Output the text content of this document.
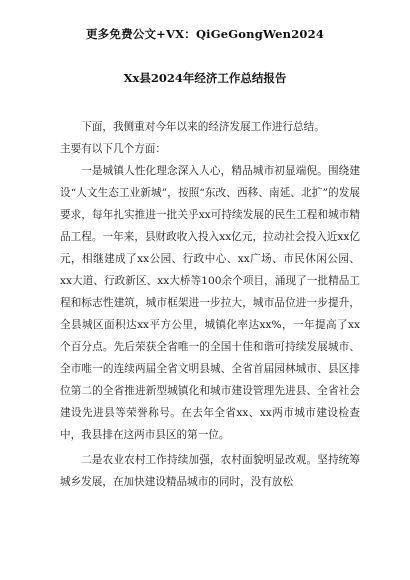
更多免费公文+VX：QiGeGongWen2024
Xx县2024年经济工作总结报告

下面，我侧重对今年以来的经济发展工作进行总结。

主要有以下几个方面：

一是城镇人性化理念深入人心，精品城市初显端倪。围绕建设“人文生态工业新城”，按照“东改、西移、南延、北扩”的发展要求，每年扎实推进一批关乎xx可持续发展的民生工程和城市精品工程。一年来，县财政收入投入xx亿元，拉动社会投入近xx亿元，相继建成了xx公园、行政中心、xx广场、市民休闲公园、xx大道、行政新区、xx大桥等100余个项目，涌现了一批精品工程和标志性建筑，城市框架进一步拉大，城市品位进一步提升，全县城区面积达xx平方公里，城镇化率达xx%，一年提高了xx个百分点。先后荣获全省唯一的全国十佳和谐可持续发展城市、全市唯一的连续两届全省文明县城、全省首届园林城市、县区排位第二的全省推进新型城镇化和城市建设管理先进县、全省社会建设先进县等荣誉称号。在去年全省xx、xx两市城市建设检查中，我县排在这两市县区的第一位。

二是农业农村工作持续加强，农村面貌明显改观。坚持统筹城乡发展，在加快建设精品城市的同时，没有放松
